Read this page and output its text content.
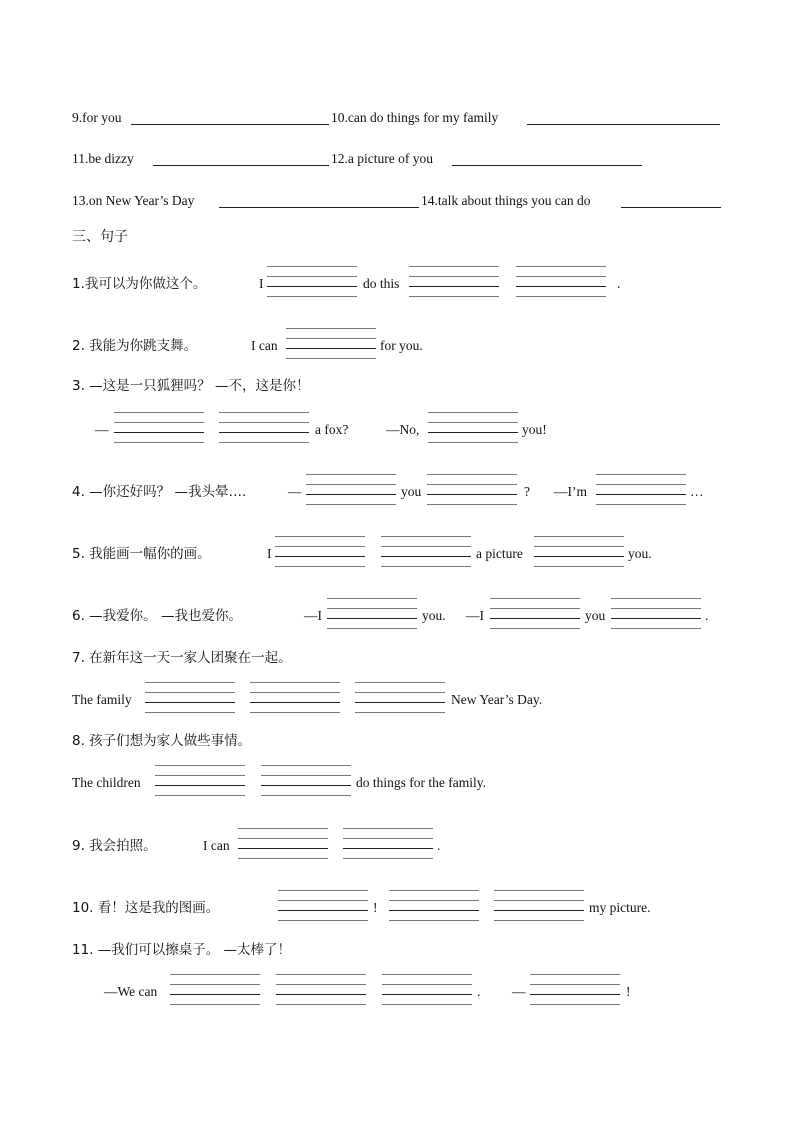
9.for you	10.can do things for my family
11.be dizzy	12.a picture of you
13.on New Year’s Day	14.talk about things you can do
三、句子
1.我可以为你做这个。	I	do this	.
2. 我能为你跳支舞。	I can	for you.
3. —这是一只狐狸吗？ —不，这是你！
—	a fox?	—No,	you!
4. —你还好吗？ —我头晕….	—	you	? —I’m	…
5. 我能画一幅你的画。	I	a picture	you.
6. —我爱你。 —我也爱你。	—I	you. —I	you	.
7. 在新年这一天一家人团聚在一起。
The family	New Year’s Day.
8. 孩子们想为家人做些事情。
The children	do things for the family.
9. 我会拍照。	I can	.
10. 看！这是我的图画。	!	my picture.
11. —我们可以擦桌子。 —太棒了！
—We can	. —	!
